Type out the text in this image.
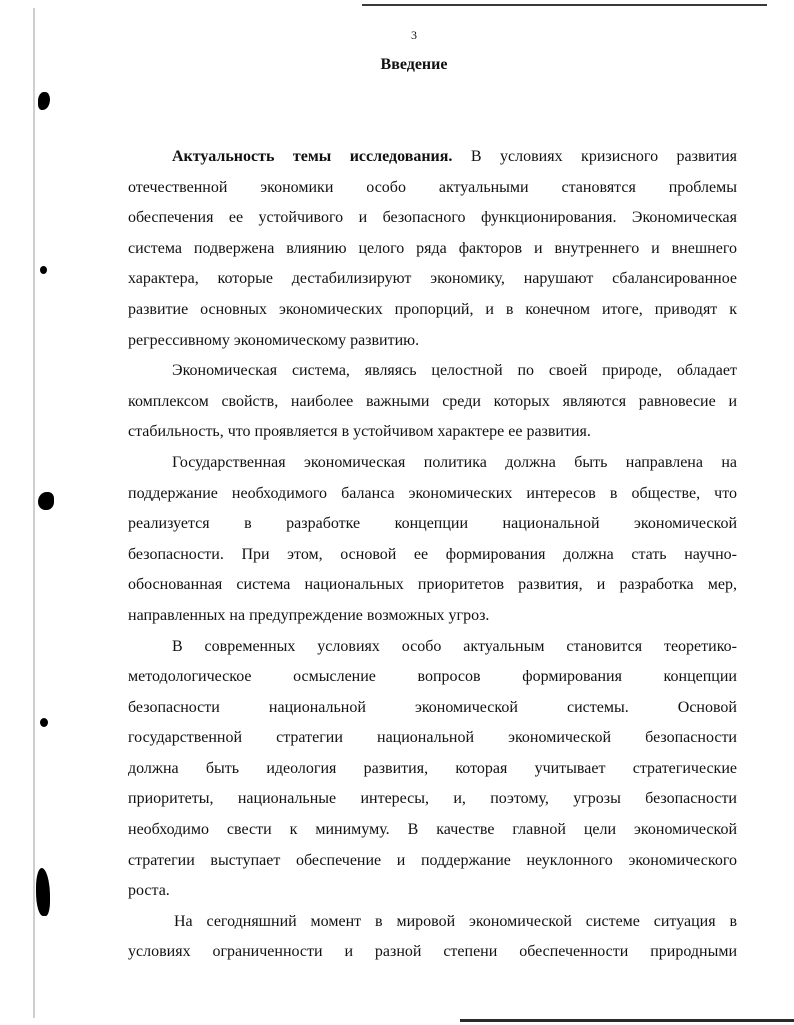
3
Введение
Актуальность темы исследования. В условиях кризисного развития
отечественной экономики особо актуальными становятся проблемы
обеспечения ее устойчивого и безопасного функционирования. Экономическая
система подвержена влиянию целого ряда факторов и внутреннего и внешнего
характера, которые дестабилизируют экономику, нарушают сбалансированное
развитие основных экономических пропорций, и в конечном итоге, приводят к
регрессивному экономическому развитию.
Экономическая система, являясь целостной по своей природе, обладает
комплексом свойств, наиболее важными среди которых являются равновесие и
стабильность, что проявляется в устойчивом характере ее развития.
Государственная экономическая политика должна быть направлена на
поддержание необходимого баланса экономических интересов в обществе, что
реализуется в разработке концепции национальной экономической
безопасности. При этом, основой ее формирования должна стать научно-
обоснованная система национальных приоритетов развития, и разработка мер,
направленных на предупреждение возможных угроз.
В современных условиях особо актуальным становится теоретико-
методологическое осмысление вопросов формирования концепции
безопасности национальной экономической системы. Основой
государственной стратегии национальной экономической безопасности
должна быть идеология развития, которая учитывает стратегические
приоритеты, национальные интересы, и, поэтому, угрозы безопасности
необходимо свести к минимуму. В качестве главной цели экономической
стратегии выступает обеспечение и поддержание неуклонного экономического
роста.
На сегодняшний момент в мировой экономической системе ситуация в
условиях ограниченности и разной степени обеспеченности природными
